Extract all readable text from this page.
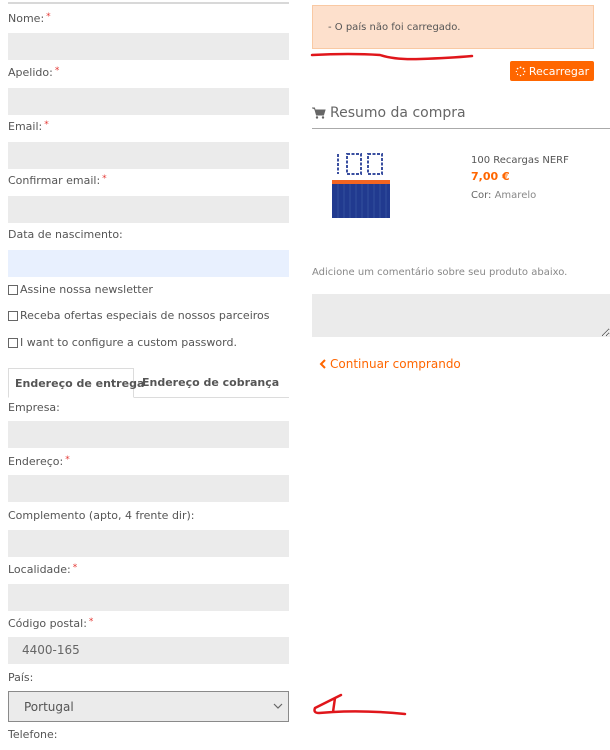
Nome: *
Apelido: *
Email: *
Confirmar email: *
Data de nascimento:
Assine nossa newsletter
Receba ofertas especiais de nossos parceiros
I want to configure a custom password.
Endereço de entrega
Endereço de cobrança
Empresa:
Endereço: *
Complemento (apto, 4 frente dir):
Localidade: *
Código postal: *
4400-165
País:
Portugal
Telefone:
- O país não foi carregado.
Recarregar
Resumo da compra
100 Recargas NERF
7,00 €
Cor: Amarelo
Adicione um comentário sobre seu produto abaixo.
Continuar comprando
